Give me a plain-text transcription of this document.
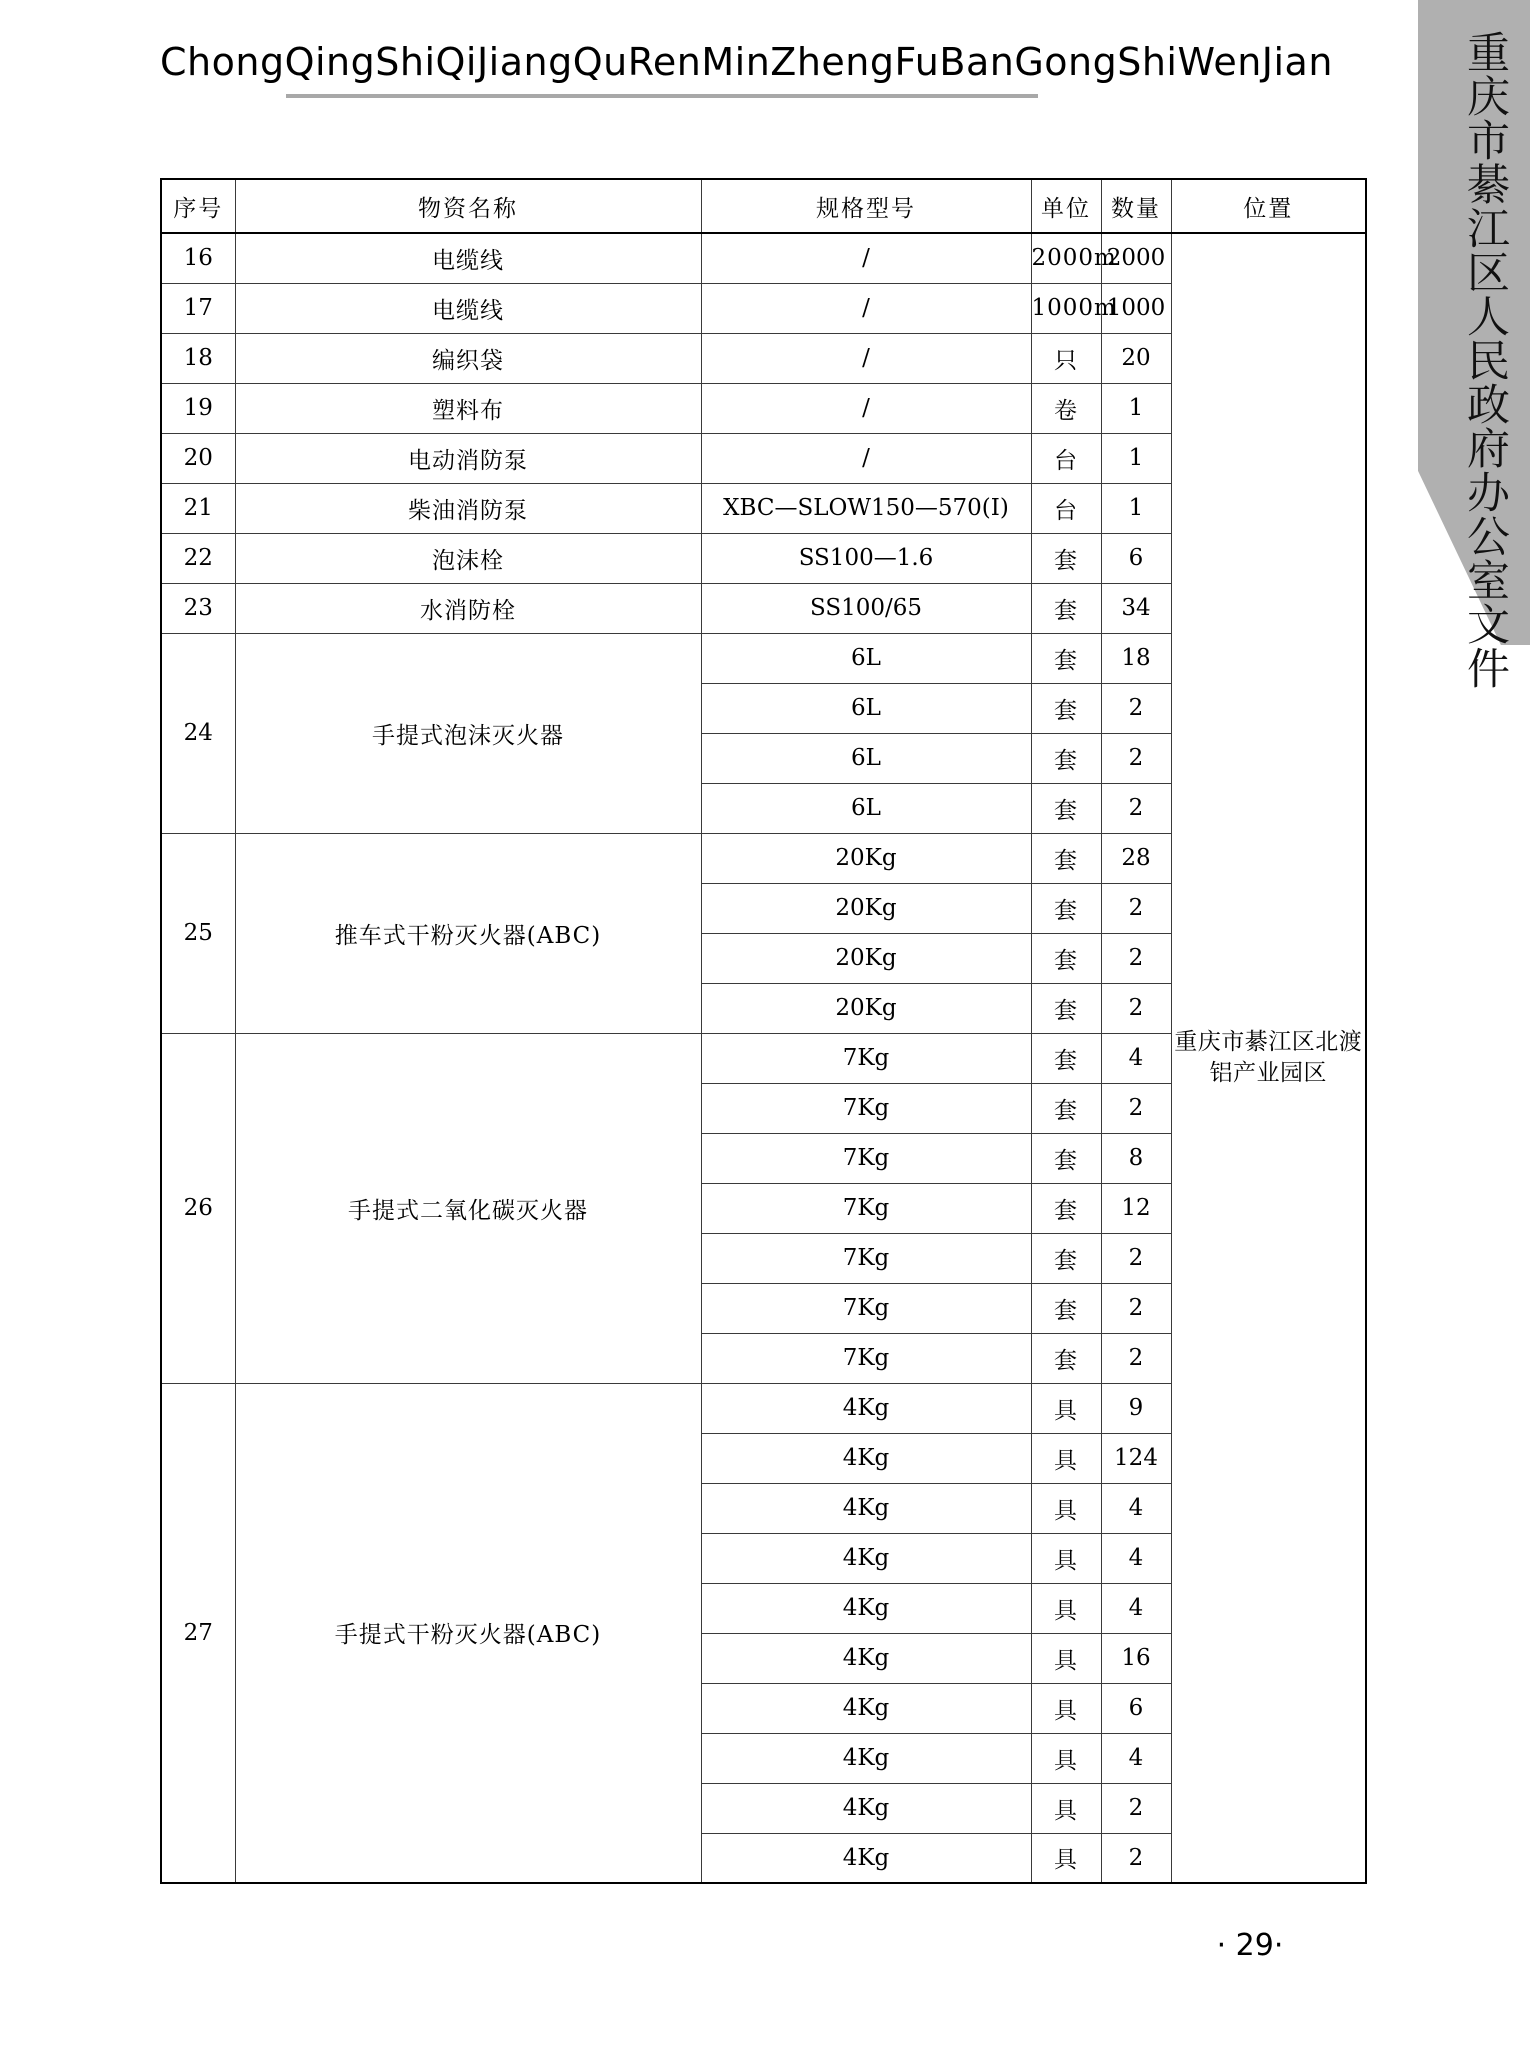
ChongQingShiQiJiangQuRenMinZhengFuBanGongShiWenJian	重庆市綦江区人民政府办公室文件
序号	物资名称	规格型号	单位	数量	位置
16	电缆线	/	2000m	2000	重庆市綦江区北渡
铝产业园区

17	电缆线	/	1000m	1000	
18	编织袋	/	只	20	
19	塑料布	/	卷	1	
20	电动消防泵	/	台	1	
21	柴油消防泵	XBC—SLOW150—570(I)	台	1	
22	泡沫栓	SS100—1.6	套	6	
23	水消防栓	SS100/65	套	34	
24	手提式泡沫灭火器	6L	套	18	
		6L	套	2	
		6L	套	2	
		6L	套	2	
25	推车式干粉灭火器(ABC)	20Kg	套	28	
		20Kg	套	2	
		20Kg	套	2	
		20Kg	套	2	
26	手提式二氧化碳灭火器	7Kg	套	4	
		7Kg	套	2	
		7Kg	套	8	
		7Kg	套	12	
		7Kg	套	2	
		7Kg	套	2	
		7Kg	套	2	
27	手提式干粉灭火器(ABC)	4Kg	具	9	
		4Kg	具	124	
		4Kg	具	4	
		4Kg	具	4	
		4Kg	具	4	
		4Kg	具	16	
		4Kg	具	6	
		4Kg	具	4	
		4Kg	具	2	
		4Kg	具	2	
· 29·
